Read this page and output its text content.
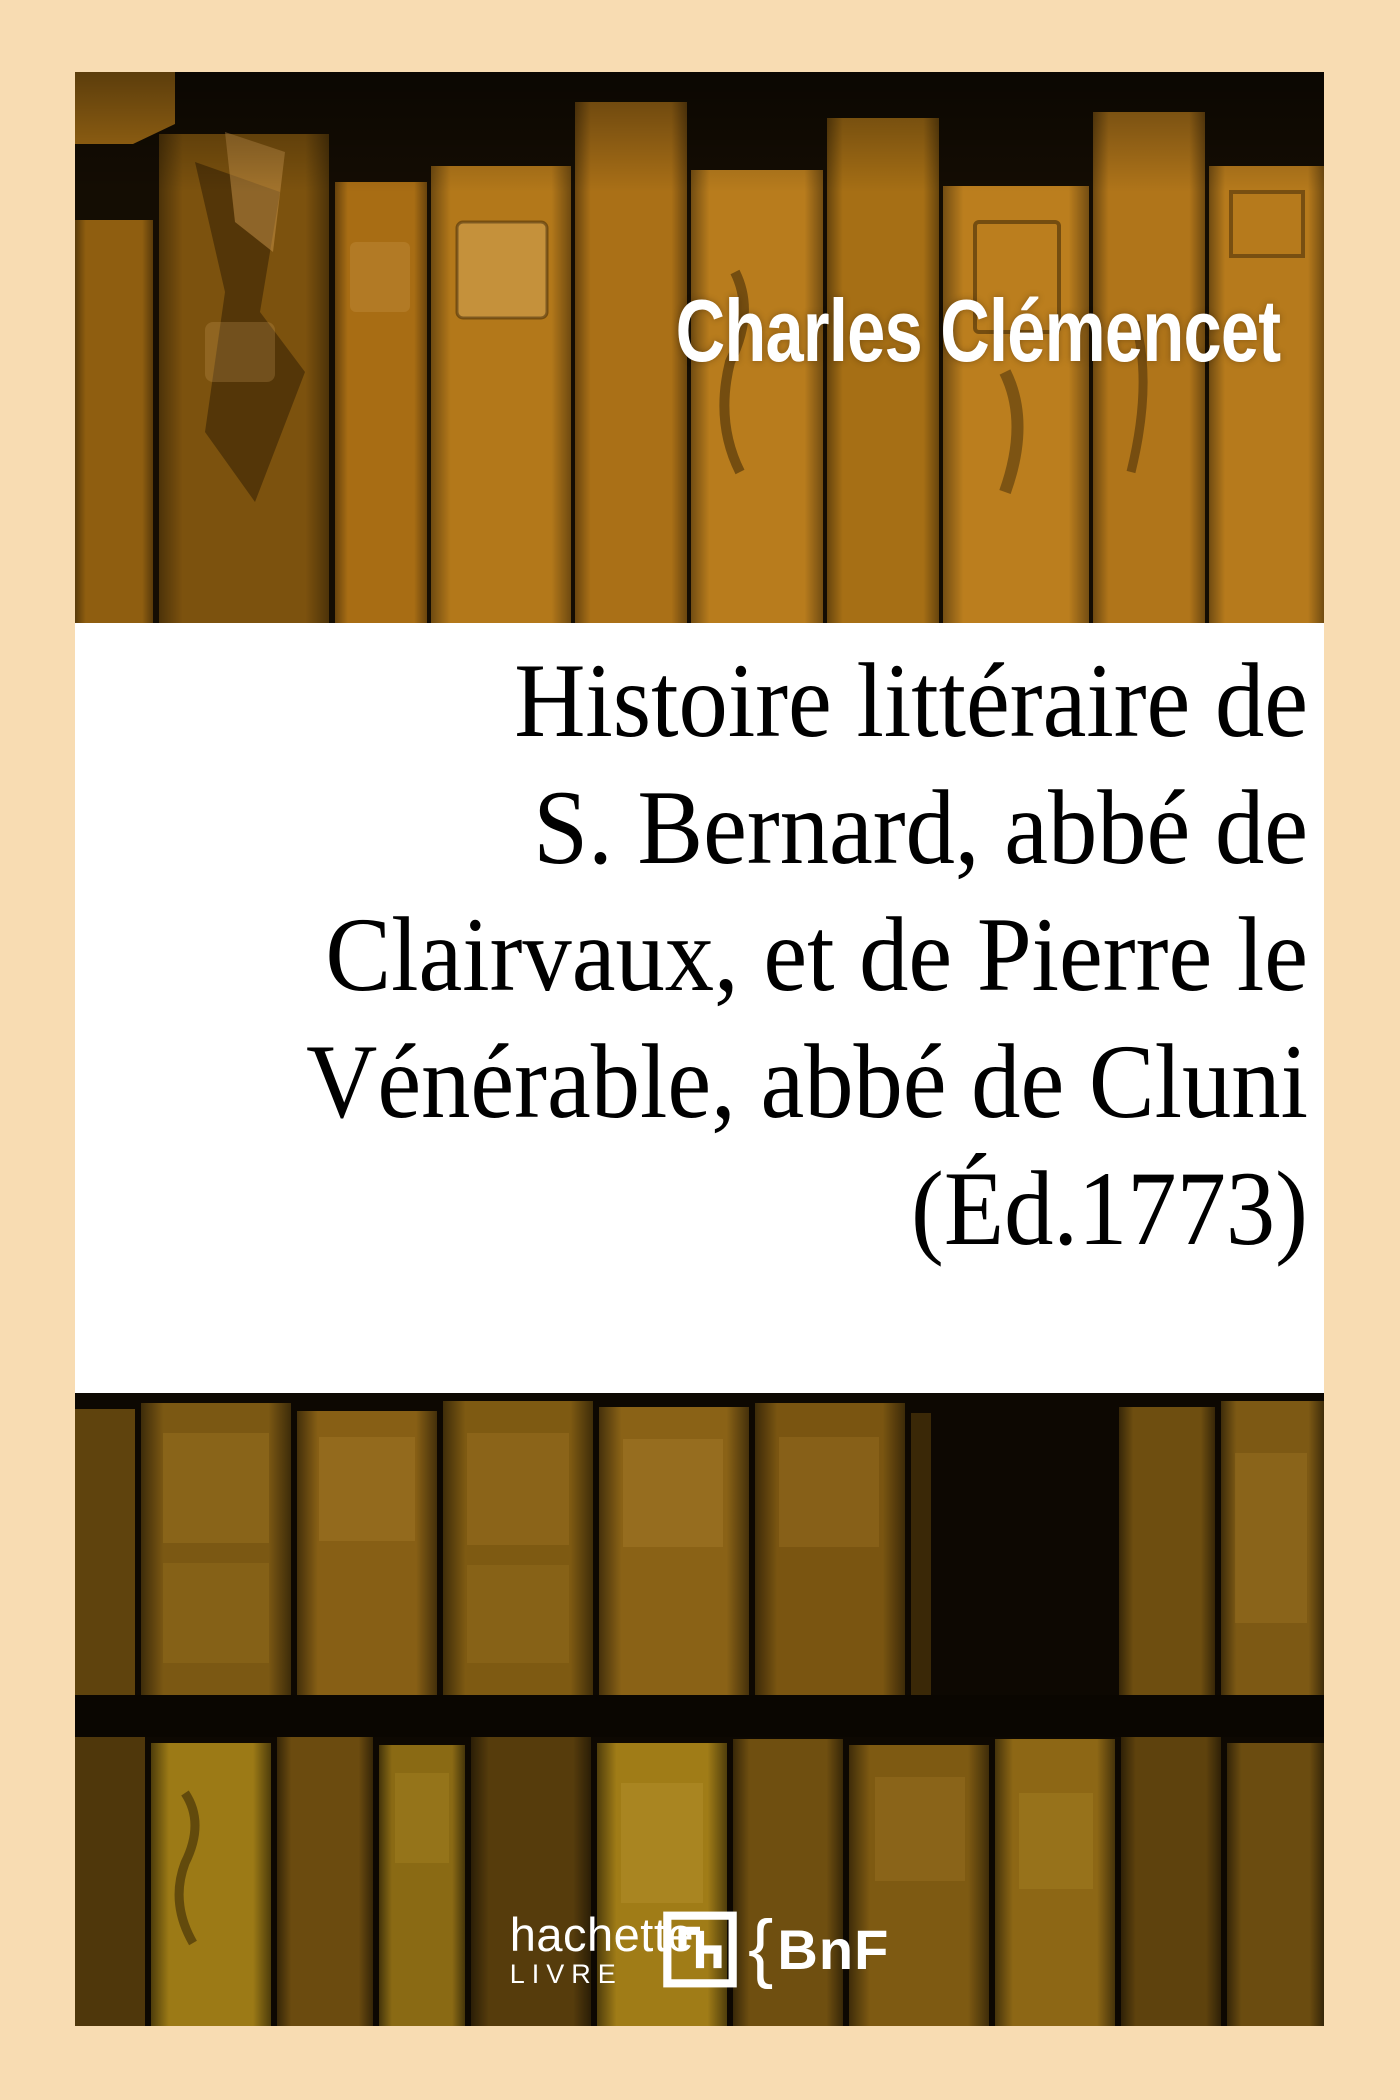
Charles Clémencet
Histoire littéraire de
S. Bernard, abbé de
Clairvaux, et de Pierre le
Vénérable, abbé de Cluni
(Éd.1773)
hachette
LIVRE	{ BnF
